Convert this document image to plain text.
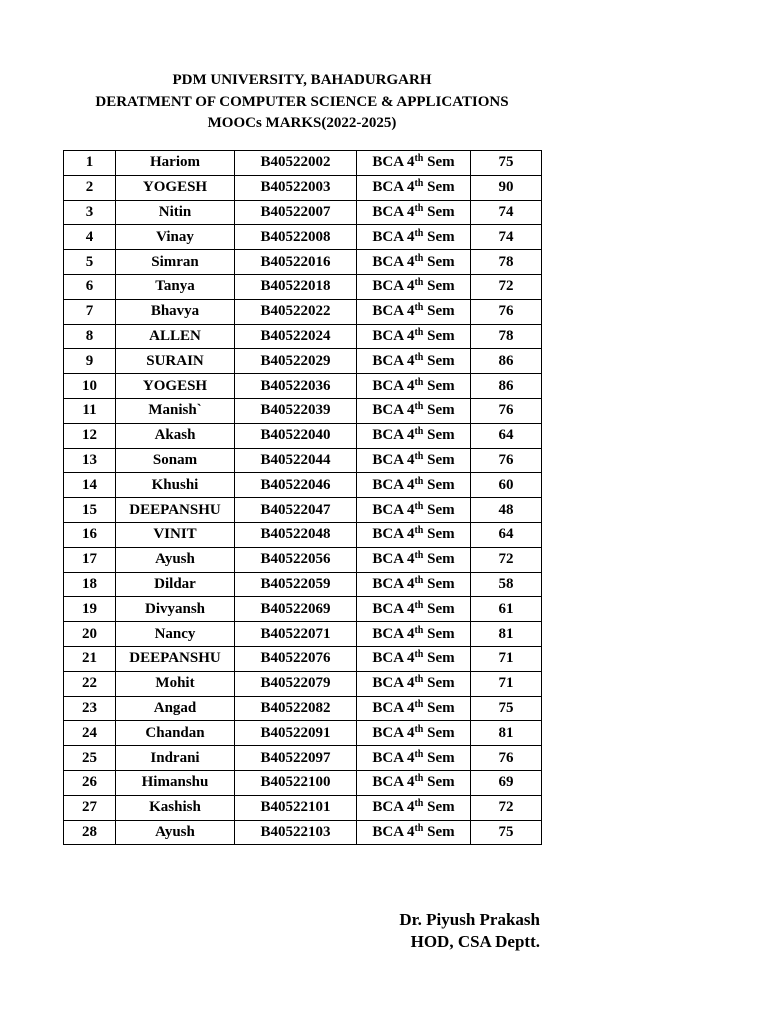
PDM UNIVERSITY, BAHADURGARH
DERATMENT OF COMPUTER SCIENCE & APPLICATIONS
MOOCs MARKS(2022-2025)
1	Hariom	B40522002	BCA 4th Sem	75
2	YOGESH	B40522003	BCA 4th Sem	90
3	Nitin	B40522007	BCA 4th Sem	74
4	Vinay	B40522008	BCA 4th Sem	74
5	Simran	B40522016	BCA 4th Sem	78
6	Tanya	B40522018	BCA 4th Sem	72
7	Bhavya	B40522022	BCA 4th Sem	76
8	ALLEN	B40522024	BCA 4th Sem	78
9	SURAIN	B40522029	BCA 4th Sem	86
10	YOGESH	B40522036	BCA 4th Sem	86
11	Manish`	B40522039	BCA 4th Sem	76
12	Akash	B40522040	BCA 4th Sem	64
13	Sonam	B40522044	BCA 4th Sem	76
14	Khushi	B40522046	BCA 4th Sem	60
15	DEEPANSHU	B40522047	BCA 4th Sem	48
16	VINIT	B40522048	BCA 4th Sem	64
17	Ayush	B40522056	BCA 4th Sem	72
18	Dildar	B40522059	BCA 4th Sem	58
19	Divyansh	B40522069	BCA 4th Sem	61
20	Nancy	B40522071	BCA 4th Sem	81
21	DEEPANSHU	B40522076	BCA 4th Sem	71
22	Mohit	B40522079	BCA 4th Sem	71
23	Angad	B40522082	BCA 4th Sem	75
24	Chandan	B40522091	BCA 4th Sem	81
25	Indrani	B40522097	BCA 4th Sem	76
26	Himanshu	B40522100	BCA 4th Sem	69
27	Kashish	B40522101	BCA 4th Sem	72
28	Ayush	B40522103	BCA 4th Sem	75
Dr. Piyush Prakash
HOD, CSA Deptt.
